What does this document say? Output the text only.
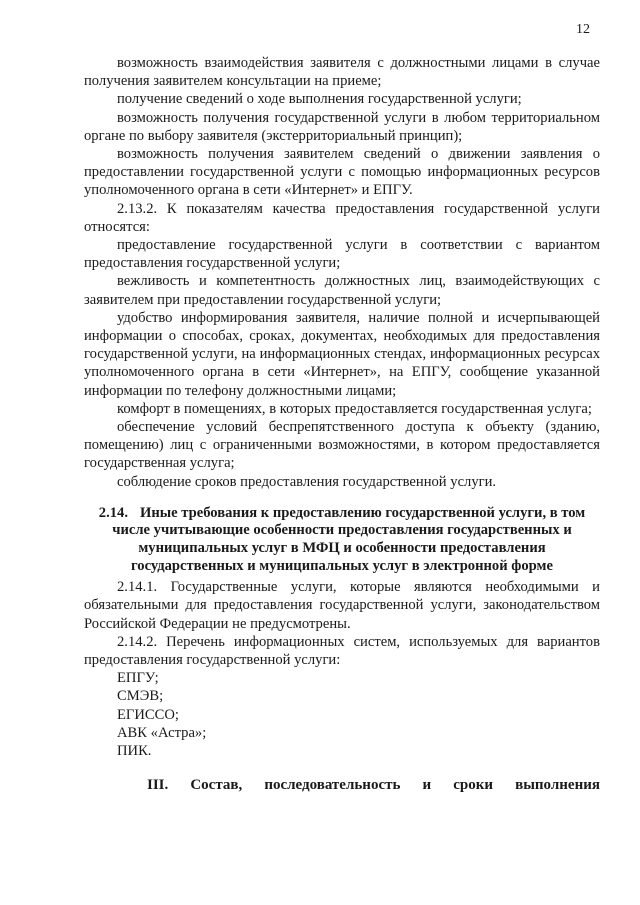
12

возможность взаимодействия заявителя с должностными лицами в случае получения заявителем консультации на приеме;

получение сведений о ходе выполнения государственной услуги;

возможность получения государственной услуги в любом территориальном органе по выбору заявителя (экстерриториальный принцип);

возможность получения заявителем сведений о движении заявления о предоставлении государственной услуги с помощью информационных ресурсов уполномоченного органа в сети «Интернет» и ЕПГУ.

2.13.2. К показателям качества предоставления государственной услуги относятся:

предоставление государственной услуги в соответствии с вариантом предоставления государственной услуги;

вежливость и компетентность должностных лиц, взаимодействующих с заявителем при предоставлении государственной услуги;

удобство информирования заявителя, наличие полной и исчерпывающей информации о способах, сроках, документах, необходимых для предоставления государственной услуги, на информационных стендах, информационных ресурсах уполномоченного органа в сети «Интернет», на ЕПГУ, сообщение указанной информации по телефону должностными лицами;

комфорт в помещениях, в которых предоставляется государственная услуга;

обеспечение условий беспрепятственного доступа к объекту (зданию, помещению) лиц с ограниченными возможностями, в котором предоставляется государственная услуга;

соблюдение сроков предоставления государственной услуги.

2.14. Иные требования к предоставлению государственной услуги, в том числе учитывающие особенности предоставления государственных и муниципальных услуг в МФЦ и особенности предоставления государственных и муниципальных услуг в электронной форме

2.14.1. Государственные услуги, которые являются необходимыми и обязательными для предоставления государственной услуги, законодательством Российской Федерации не предусмотрены.

2.14.2. Перечень информационных систем, используемых для вариантов предоставления государственной услуги:

ЕПГУ;

СМЭВ;

ЕГИССО;

АВК «Астра»;

ПИК.

III. Состав, последовательность и сроки выполнения
